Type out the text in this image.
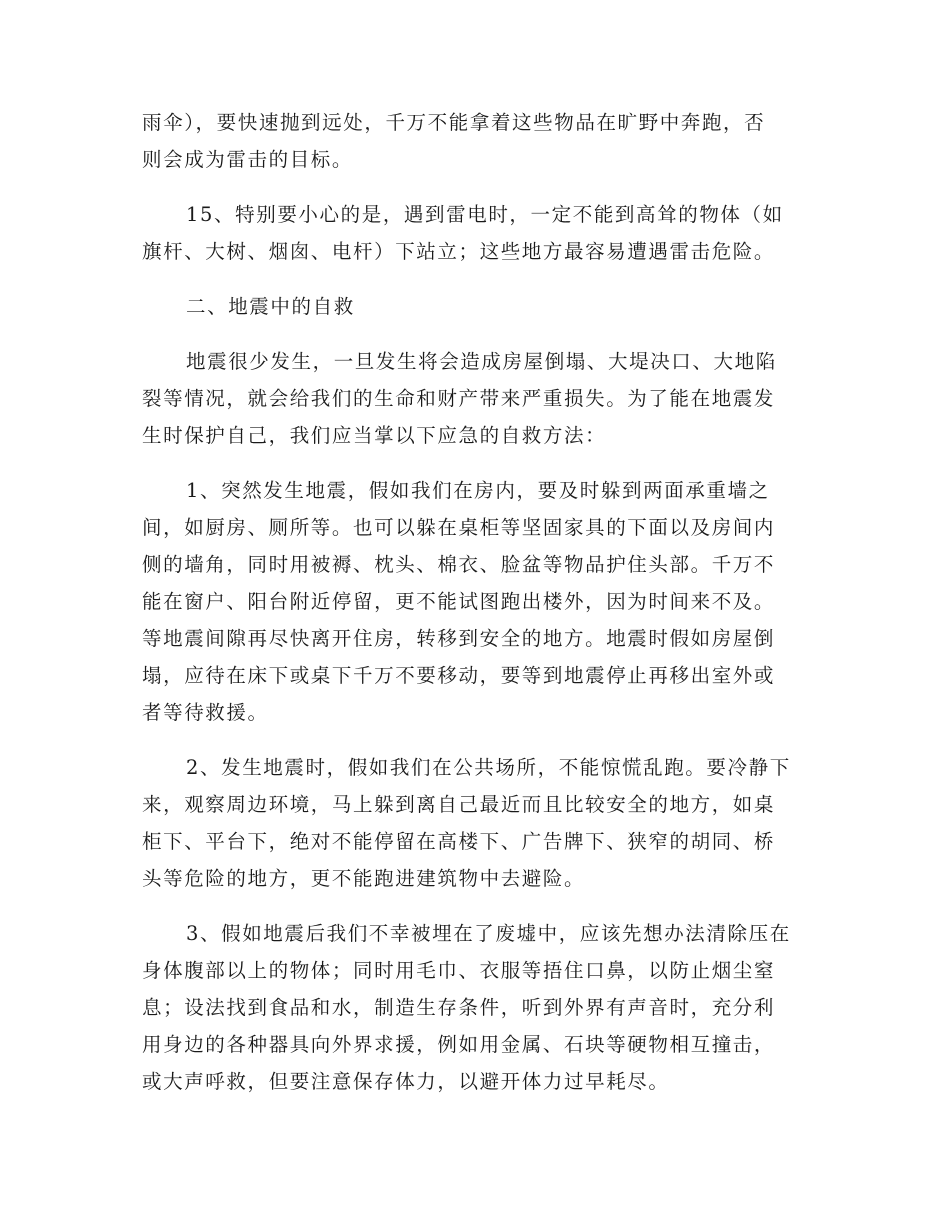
雨伞），要快速抛到远处，千万不能拿着这些物品在旷野中奔跑，否
则会成为雷击的目标。

15、特别要小心的是，遇到雷电时，一定不能到高耸的物体（如
旗杆、大树、烟囱、电杆）下站立；这些地方最容易遭遇雷击危险。

二、地震中的自救

地震很少发生，一旦发生将会造成房屋倒塌、大堤决口、大地陷
裂等情况，就会给我们的生命和财产带来严重损失。为了能在地震发
生时保护自己，我们应当掌以下应急的自救方法：

1、突然发生地震，假如我们在房内，要及时躲到两面承重墙之
间，如厨房、厕所等。也可以躲在桌柜等坚固家具的下面以及房间内
侧的墙角，同时用被褥、枕头、棉衣、脸盆等物品护住头部。千万不
能在窗户、阳台附近停留，更不能试图跑出楼外，因为时间来不及。
等地震间隙再尽快离开住房，转移到安全的地方。地震时假如房屋倒
塌，应待在床下或桌下千万不要移动，要等到地震停止再移出室外或
者等待救援。

2、发生地震时，假如我们在公共场所，不能惊慌乱跑。要冷静下
来，观察周边环境，马上躲到离自己最近而且比较安全的地方，如桌
柜下、平台下，绝对不能停留在高楼下、广告牌下、狭窄的胡同、桥
头等危险的地方，更不能跑进建筑物中去避险。

3、假如地震后我们不幸被埋在了废墟中，应该先想办法清除压在
身体腹部以上的物体；同时用毛巾、衣服等捂住口鼻，以防止烟尘窒
息；设法找到食品和水，制造生存条件，听到外界有声音时，充分利
用身边的各种器具向外界求援，例如用金属、石块等硬物相互撞击，
或大声呼救，但要注意保存体力，以避开体力过早耗尽。
